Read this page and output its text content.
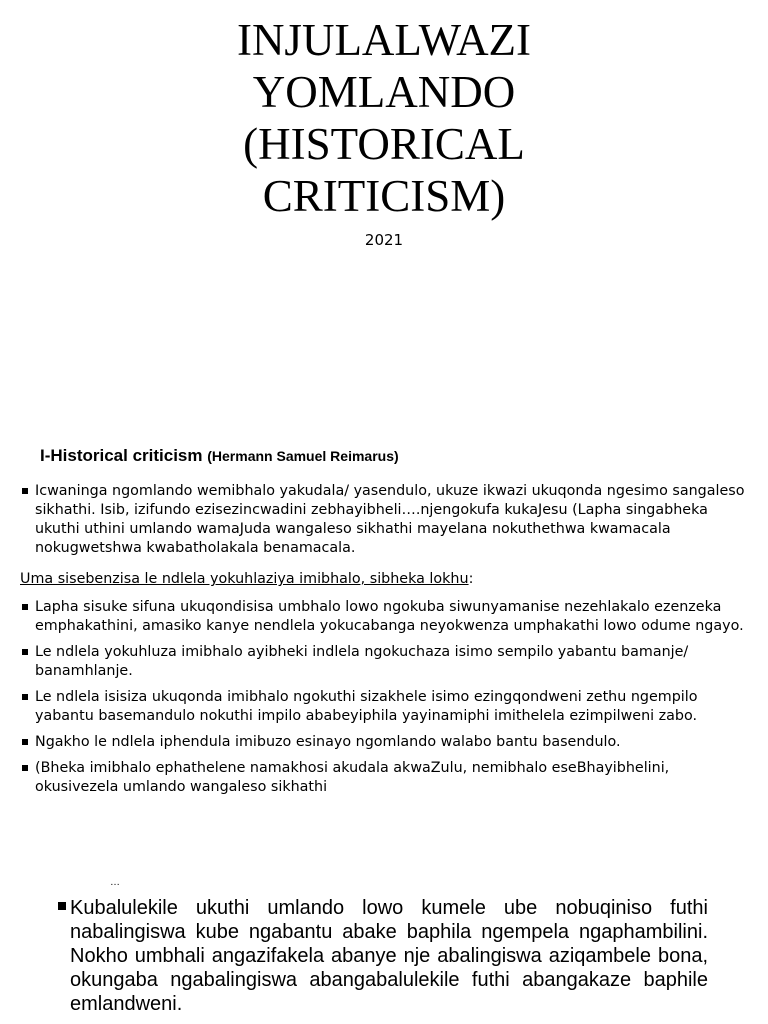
INJULALWAZI
YOMLANDO
(HISTORICAL
CRITICISM)
2021
I-Historical criticism (Hermann Samuel Reimarus)
Icwaninga ngomlando wemibhalo yakudala/ yasendulo, ukuze ikwazi ukuqonda ngesimo sangaleso sikhathi. Isib, izifundo ezisezincwadini zebhayibheli….njengokufa kukaJesu (Lapha singabheka ukuthi uthini umlando wamaJuda wangaleso sikhathi mayelana nokuthethwa kwamacala nokugwetshwa kwabatholakala benamacala.
Uma sisebenzisa le ndlela yokuhlaziya imibhalo, sibheka lokhu:
Lapha sisuke sifuna ukuqondisisa umbhalo lowo ngokuba siwunyamanise nezehlakalo ezenzeka emphakathini, amasiko kanye nendlela yokucabanga neyokwenza umphakathi lowo odume ngayo.
Le ndlela yokuhluza imibhalo ayibheki indlela ngokuchaza isimo sempilo yabantu bamanje/ banamhlanje.
Le ndlela isisiza ukuqonda imibhalo ngokuthi sizakhele isimo ezingqondweni zethu ngempilo yabantu basemandulo nokuthi impilo ababeyiphila yayinamiphi imithelela ezimpilweni zabo.
Ngakho le ndlela iphendula imibuzo esinayo ngomlando walabo bantu basendulo.
(Bheka imibhalo ephathelene namakhosi akudala akwaZulu, nemibhalo eseBhayibhelini, okusivezela umlando wangaleso sikhathi
…
Kubalulekile ukuthi umlando lowo kumele ube nobuqiniso futhi nabalingiswa kube ngabantu abake baphila ngempela ngaphambilini. Nokho umbhali angazifakela abanye nje abalingiswa aziqambele bona, okungaba ngabalingiswa abangabalulekile futhi abangakaze baphile emlandweni.
